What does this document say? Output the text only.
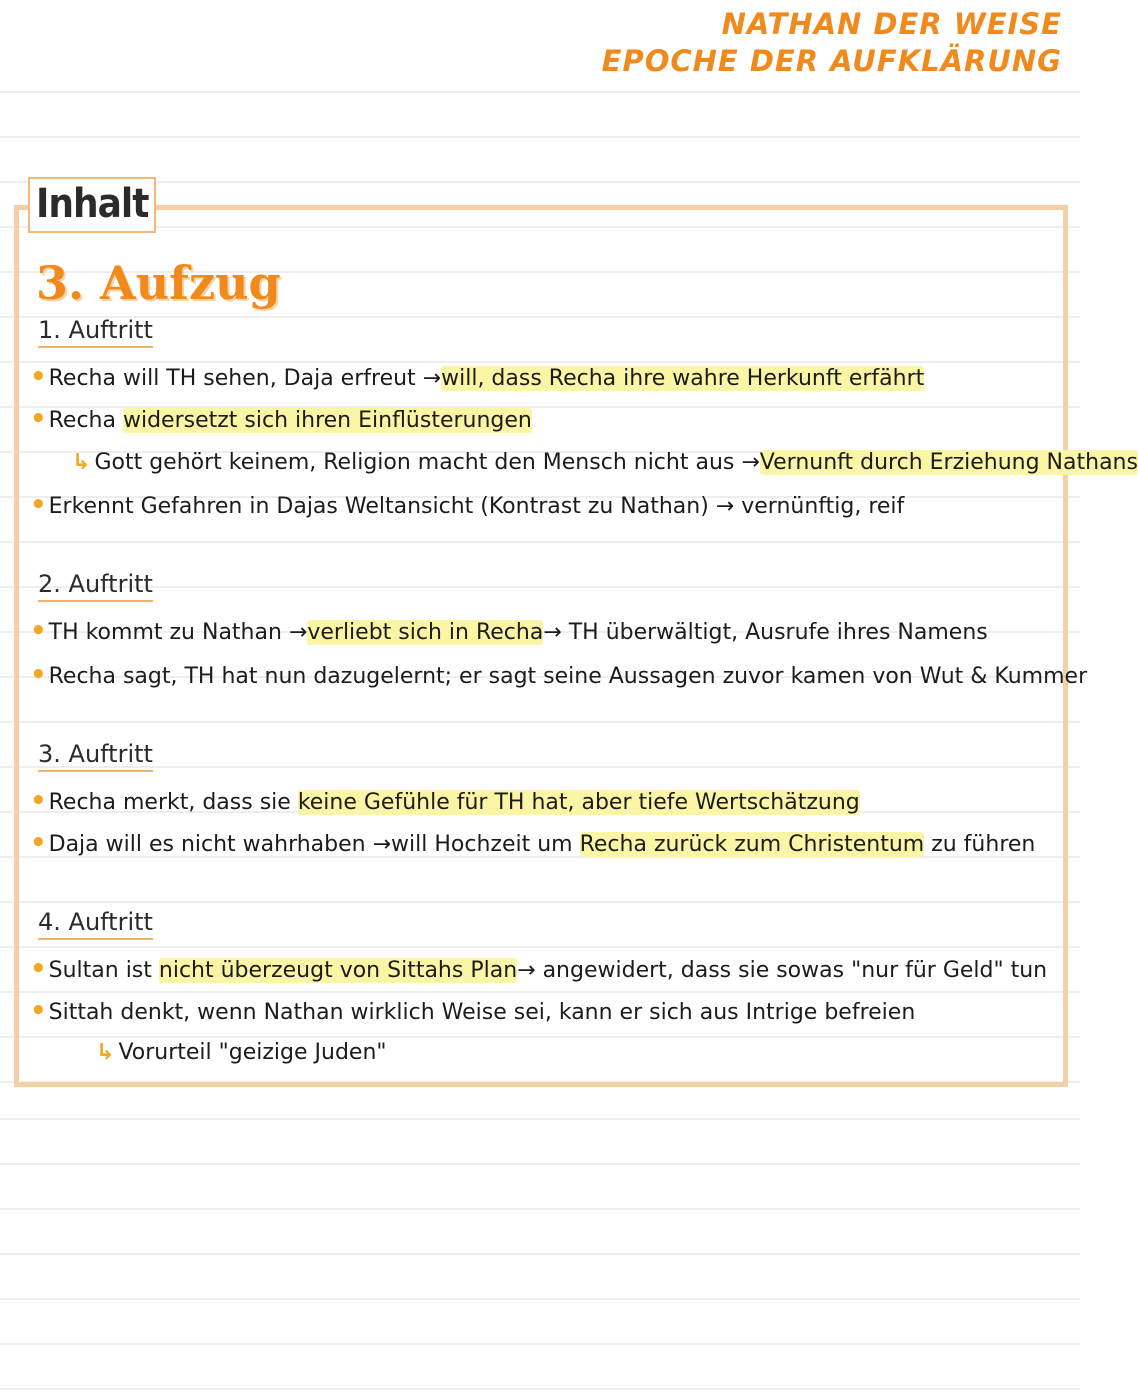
NATHAN DER WEISE
EPOCHE DER AUFKLÄRUNG
Inhalt
3. Aufzug
1. Auftritt
•Recha will TH sehen, Daja erfreut →will, dass Recha ihre wahre Herkunft erfährt
•Recha widersetzt sich ihren Einflüsterungen
↳ Gott gehört keinem, Religion macht den Mensch nicht aus →Vernunft durch Erziehung Nathans
•Erkennt Gefahren in Dajas Weltansicht (Kontrast zu Nathan) → vernünftig, reif
2. Auftritt
•TH kommt zu Nathan →verliebt sich in Recha→ TH überwältigt, Ausrufe ihres Namens
•Recha sagt, TH hat nun dazugelernt; er sagt seine Aussagen zuvor kamen von Wut & Kummer
3. Auftritt
•Recha merkt, dass sie keine Gefühle für TH hat, aber tiefe Wertschätzung
•Daja will es nicht wahrhaben →will Hochzeit um Recha zurück zum Christentum zu führen
4. Auftritt
•Sultan ist nicht überzeugt von Sittahs Plan→ angewidert, dass sie sowas "nur für Geld" tun
•Sittah denkt, wenn Nathan wirklich Weise sei, kann er sich aus Intrige befreien
↳ Vorurteil "geizige Juden"
